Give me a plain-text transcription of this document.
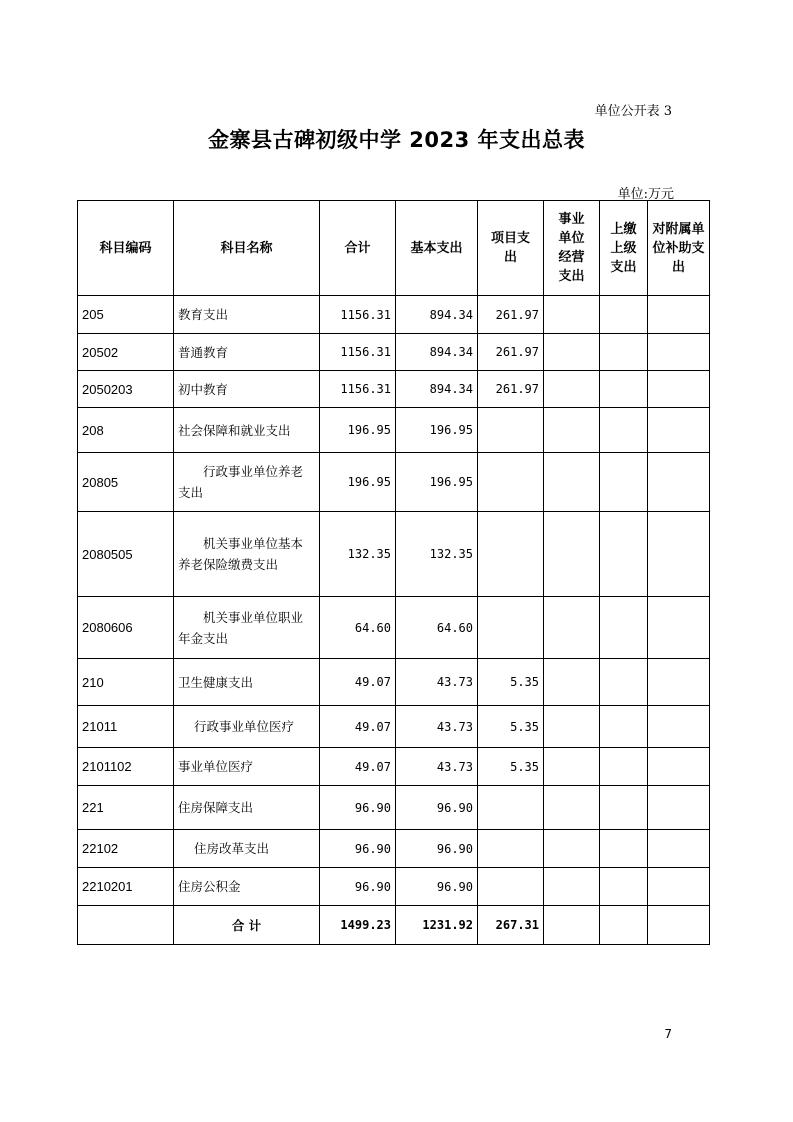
单位公开表 3
金寨县古碑初级中学 2023 年支出总表
单位:万元
科目编码	科目名称	合计	基本支出	项目支出	事业单位经营支出	上缴上级支出	对附属单位补助支出
205	教育支出	1156.31	894.34	261.97			
20502	普通教育	1156.31	894.34	261.97			
2050203	初中教育	1156.31	894.34	261.97			
208	社会保障和就业支出	196.95	196.95				
20805	行政事业单位养老支出	196.95	196.95				
2080505	机关事业单位基本养老保险缴费支出	132.35	132.35				
2080606	机关事业单位职业年金支出	64.60	64.60				
210	卫生健康支出	49.07	43.73	5.35			
21011	行政事业单位医疗	49.07	43.73	5.35			
2101102	事业单位医疗	49.07	43.73	5.35			
221	住房保障支出	96.90	96.90				
22102	住房改革支出	96.90	96.90				
2210201	住房公积金	96.90	96.90				
	合 计	1499.23	1231.92	267.31			
7
